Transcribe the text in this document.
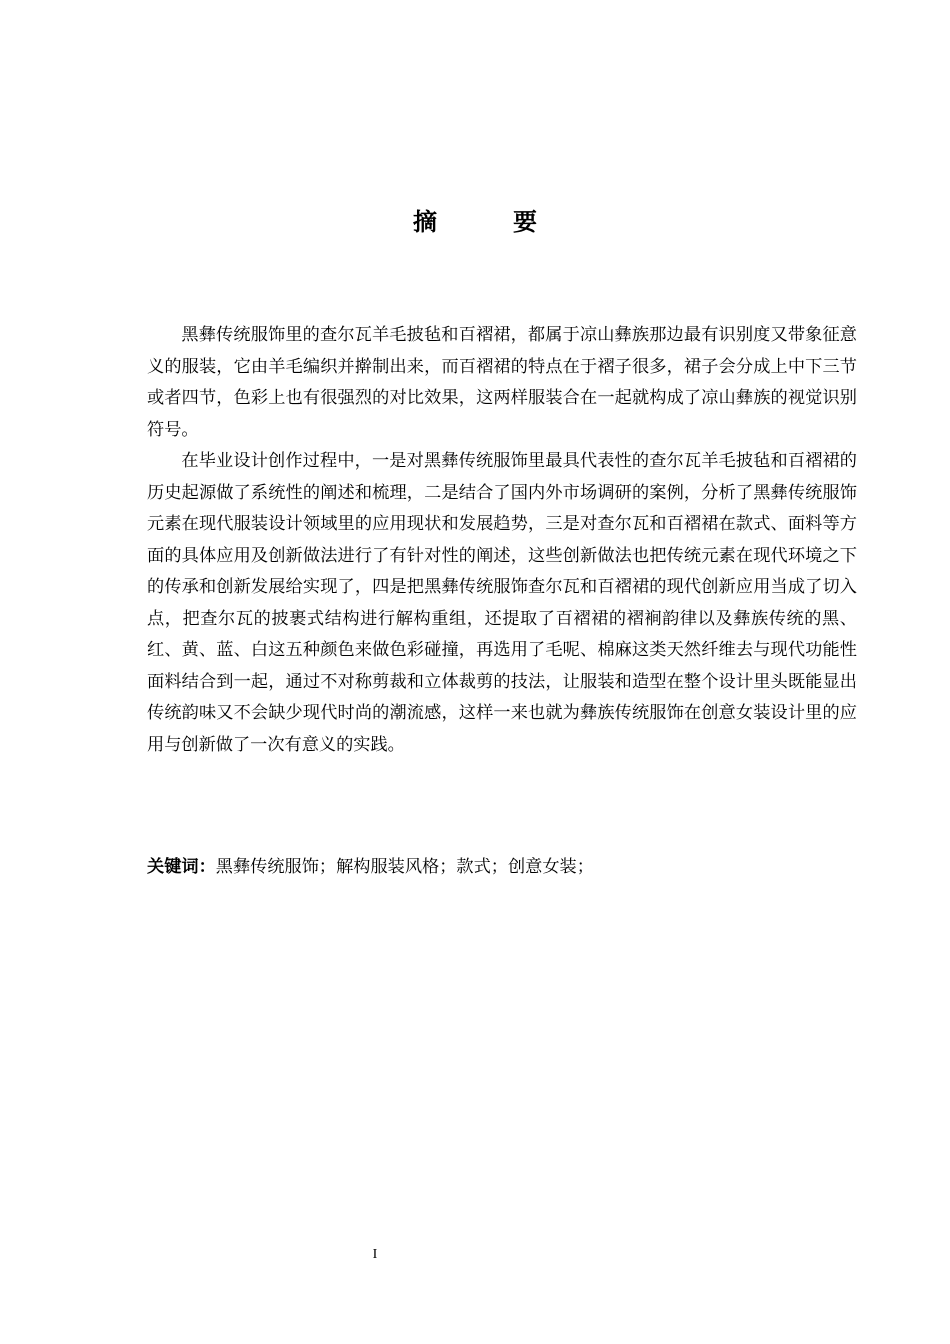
摘　要

黑彝传统服饰里的查尔瓦羊毛披毡和百褶裙，都属于凉山彝族那边最有识别度又带象征意义的服装，它由羊毛编织并擀制出来，而百褶裙的特点在于褶子很多，裙子会分成上中下三节或者四节，色彩上也有很强烈的对比效果，这两样服装合在一起就构成了凉山彝族的视觉识别符号。

在毕业设计创作过程中，一是对黑彝传统服饰里最具代表性的查尔瓦羊毛披毡和百褶裙的历史起源做了系统性的阐述和梳理，二是结合了国内外市场调研的案例，分析了黑彝传统服饰元素在现代服装设计领域里的应用现状和发展趋势，三是对查尔瓦和百褶裙在款式、面料等方面的具体应用及创新做法进行了有针对性的阐述，这些创新做法也把传统元素在现代环境之下的传承和创新发展给实现了，四是把黑彝传统服饰查尔瓦和百褶裙的现代创新应用当成了切入点，把查尔瓦的披裹式结构进行解构重组，还提取了百褶裙的褶裥韵律以及彝族传统的黑、红、黄、蓝、白这五种颜色来做色彩碰撞，再选用了毛呢、棉麻这类天然纤维去与现代功能性面料结合到一起，通过不对称剪裁和立体裁剪的技法，让服装和造型在整个设计里头既能显出传统韵味又不会缺少现代时尚的潮流感，这样一来也就为彝族传统服饰在创意女装设计里的应用与创新做了一次有意义的实践。

关键词：黑彝传统服饰；解构服装风格；款式；创意女装；
I
